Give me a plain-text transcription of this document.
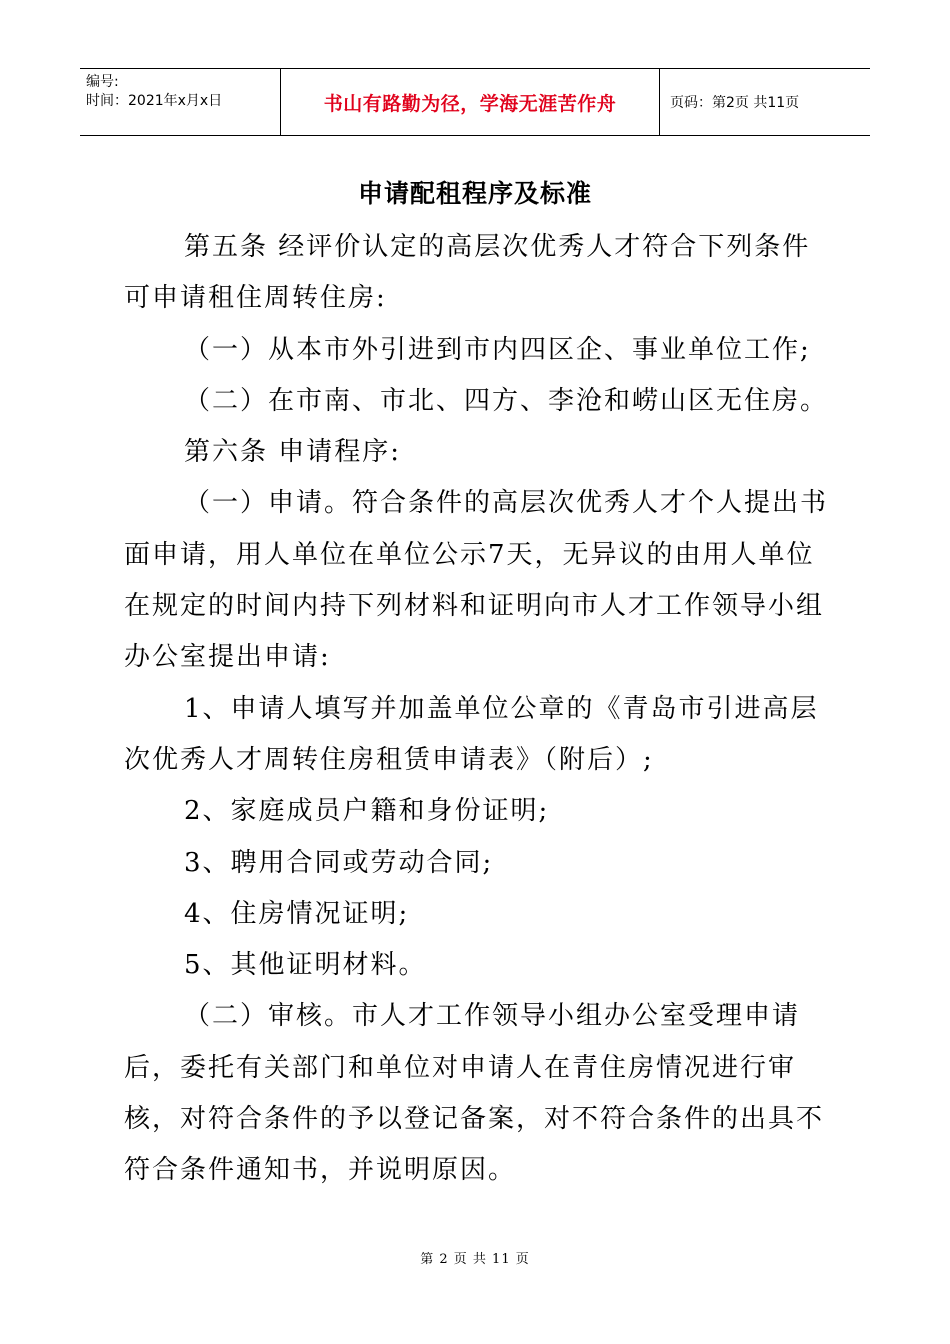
编号:
时间：2021年x月x日	书山有路勤为径，学海无涯苦作舟	页码：第2页 共11页
申请配租程序及标准

第五条 经评价认定的高层次优秀人才符合下列条件可申请租住周转住房:

（一）从本市外引进到市内四区企、事业单位工作;

（二）在市南、市北、四方、李沧和崂山区无住房。

第六条 申请程序:

（一）申请。符合条件的高层次优秀人才个人提出书面申请，用人单位在单位公示7天，无异议的由用人单位在规定的时间内持下列材料和证明向市人才工作领导小组办公室提出申请:

1、申请人填写并加盖单位公章的《青岛市引进高层次优秀人才周转住房租赁申请表》（附后）;

2、家庭成员户籍和身份证明;

3、聘用合同或劳动合同;

4、住房情况证明;

5、其他证明材料。

（二）审核。市人才工作领导小组办公室受理申请后，委托有关部门和单位对申请人在青住房情况进行审核，对符合条件的予以登记备案，对不符合条件的出具不符合条件通知书，并说明原因。

第 2 页 共 11 页
